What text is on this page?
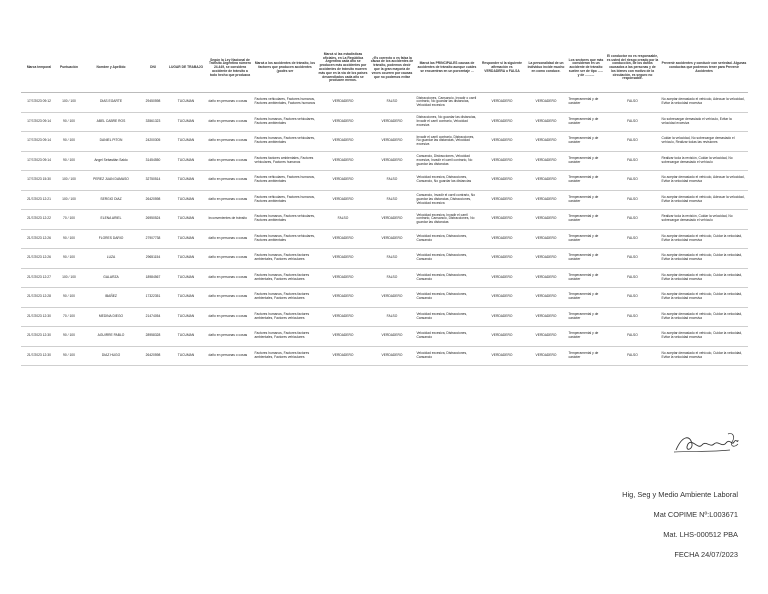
Marca temporal	Puntuación	Nombre y Apellido	DNI	LUGAR DE TRABAJO	Según la Ley Nacional de Tránsito Argentina número 24.449, se considera accidente de tránsito a todo hecho que produzca	Marcá a los accidentes de tránsito, los factores que producen accidentes (podés ser	Marcá si las estadísticas oficiales, en La República Argentina cada año se producen más accidentes por accidentes de tránsito mueren más que en la vía de los países desarrollados cada año se producen menos.	¿Es correcto o es falsa la causa de los accidentes de tránsito, podemos decir que la gran mayoría de veces ocurren por causas que no podemos evitar	Marcá las PRINCIPALES causas de accidentes de tránsito aunque cuáles se encuentran en un porcentaje ...	Responder si la siguiente afirmación es VERDADERA o FALSA	La personalidad de un individuo incide mucho en como conduce.	Los sectores que más consideran en un accidente de tránsito suelen ser de tipo ...... y de ..........	El conductor no es responsable, es usted del riesgo creado por la conducción, de los daños causados a las personas y de los bienes con motivo de la circulación, es seguro no responsable.	Prevenir accidentes y conducir con seriedad. Algunas conductas que podemos tener para Prevenir Accidentes
17/7/2023 09:12	100 / 100	DIAS EGARTE	29450598	TUCUMAN	daño en personas o cosas	Factores vehiculares, Factores humanos, Factores ambientales, Factores humanos	VERDADERO	FALSO	Distracciones, Cansancio, Invadir o carril contrario, No guardar las distancias, Velocidad excesiva	VERDADERO	VERDADERO	Temperamental y de carácter	FALSO	No aceptar demasiado el vehículo, Adecuar la velocidad, Evitar la velocidad excesiva
17/7/2023 09:14	90 / 100	ABEL CABRE ROS	33561323	TUCUMAN	daño en personas o cosas	Factores humanos, Factores vehiculares, Factores ambientales	VERDADERO	VERDADERO	Distracciones, No guardar las distancias, Invadir el carril contrario, Velocidad excesiva	VERDADERO	VERDADERO	Temperamental y de carácter	FALSO	No sobrecargar demasiado el vehículo, Evitar la velocidad excesiva
17/7/2023 09:14	90 / 100	DANIEL PITON	24200305	TUCUMAN	daño en personas o cosas	Factores humanos, Factores vehiculares, Factores ambientales	VERDADERO	VERDADERO	Invadir el carril contrario, Distracciones, No guardar las distancias, Velocidad excesiva	VERDADERO	VERDADERO	Temperamental y de carácter	FALSO	Cuidar la velocidad, No sobrecargar demasiado el vehículo, Realizar todas las revisiones
17/7/2023 09:14	90 / 100	Angel Sebastián Saldo	31454550	TUCUMAN	daño en personas o cosas	Factores factores ambientales, Factores vehiculares, Factores humanos	VERDADERO	VERDADERO	Cansancio, Distracciones, Velocidad excesiva, Invadir el carril contrario, No guardar las distancias	VERDADERO	VERDADERO	Temperamental y de carácter	FALSO	Realizar toda la revisión, Cuidar la velocidad, No sobrecargar demasiado el vehículo
17/7/2023 15:30	100 / 100	PEREZ JUAN DAMASO	32750514	TUCUMAN	daño en personas o cosas	Factores vehiculares, Factores humanos, Factores ambientales	VERDADERO	FALSO	Velocidad excesiva, Distracciones, Cansancio, No guardar las distancias	VERDADERO	VERDADERO	Temperamental y de carácter	FALSO	No aceptar demasiado el vehículo, Adecuar la velocidad, Evitar la velocidad excesiva
21/7/2023 12:21	100 / 100	SERGIO DIAZ	26420598	TUCUMAN	daño en personas o cosas	Factores vehiculares, Factores humanos, Factores ambientales	VERDADERO	FALSO	Cansancio, Invadir el carril contrario, No guardar las distancias, Distracciones, Velocidad excesiva	VERDADERO	VERDADERO	Temperamental y de carácter	FALSO	No aceptar demasiado el vehículo, Adecuar la velocidad, Evitar la velocidad excesiva
21/7/2023 12:22	70 / 100	ELENA ARIEL	26950524	TUCUMAN	Inconvenientes de tránsito	Factores humanos, Factores vehiculares, Factores ambientales	FALSO	VERDADERO	Velocidad excesiva, Invadir el carril contrario, Cansancio, Distracciones, No guardar las distancias	VERDADERO	VERDADERO	Temperamental y de carácter	FALSO	Realizar toda la revisión, Cuidar la velocidad, No sobrecargar demasiado el vehículo
21/7/2023 12:26	90 / 100	FLORES DARIO	27907738	TUCUMAN	daño en personas o cosas	Factores humanos, Factores vehiculares, Factores ambientales	VERDADERO	VERDADERO	Velocidad excesiva, Distracciones, Cansancio	VERDADERO	VERDADERO	Temperamental y de carácter	FALSO	No aceptar demasiado el vehículo, Cuidar la velocidad, Evitar la velocidad excesiva
21/7/2023 12:26	90 / 100	LUZA	29651154	TUCUMAN	daño en personas o cosas	Factores humanos, Factores factores ambientales, Factores vehiculares	VERDADERO	FALSO	Velocidad excesiva, Distracciones, Cansancio	VERDADERO	VERDADERO	Temperamental y de carácter	FALSO	No aceptar demasiado el vehículo, Cuidar la velocidad, Evitar la velocidad excesiva
21/7/2023 12:27	100 / 100	GALARZA	18984567	TUCUMAN	daño en personas o cosas	Factores humanos, Factores factores ambientales, Factores vehiculares	VERDADERO	FALSO	Velocidad excesiva, Distracciones, Cansancio	VERDADERO	VERDADERO	Temperamental y de carácter	FALSO	No aceptar demasiado el vehículo, Cuidar la velocidad, Evitar la velocidad excesiva
21/7/2023 12:28	90 / 100	IBAÑEZ	17322351	TUCUMAN	daño en personas o cosas	Factores humanos, Factores factores ambientales, Factores vehiculares	VERDADERO	VERDADERO	Velocidad excesiva, Distracciones, Cansancio	VERDADERO	VERDADERO	Temperamental y de carácter	FALSO	No aceptar demasiado el vehículo, Cuidar la velocidad, Evitar la velocidad excesiva
21/7/2023 12:30	70 / 100	MEDINA DIEGO	21474054	TUCUMAN	daño en personas o cosas	Factores humanos, Factores factores ambientales, Factores vehiculares	VERDADERO	FALSO	Velocidad excesiva, Distracciones, Cansancio	VERDADERO	VERDADERO	Temperamental y de carácter	FALSO	No aceptar demasiado el vehículo, Cuidar la velocidad, Evitar la velocidad excesiva
21/7/2023 12:30	90 / 100	AGUIRRE PABLO	28958328	TUCUMAN	daño en personas o cosas	Factores humanos, Factores factores ambientales, Factores vehiculares	VERDADERO	VERDADERO	Velocidad excesiva, Distracciones, Cansancio	VERDADERO	VERDADERO	Temperamental y de carácter	FALSO	No aceptar demasiado el vehículo, Cuidar la velocidad, Evitar la velocidad excesiva
21/7/2023 12:30	90 / 100	DIAZ HUGO	26420598	TUCUMAN	daño en personas o cosas	Factores humanos, Factores factores ambientales, Factores vehiculares	VERDADERO	VERDADERO	Velocidad excesiva, Distracciones, Cansancio	VERDADERO	VERDADERO	Temperamental y de carácter	FALSO	No aceptar demasiado el vehículo, Cuidar la velocidad, Evitar la velocidad excesiva
Hig, Seg y Medio Ambiente Laboral
Mat COPIME Nº:L003671
Mat. LHS-000512 PBA
FECHA 24/07/2023
